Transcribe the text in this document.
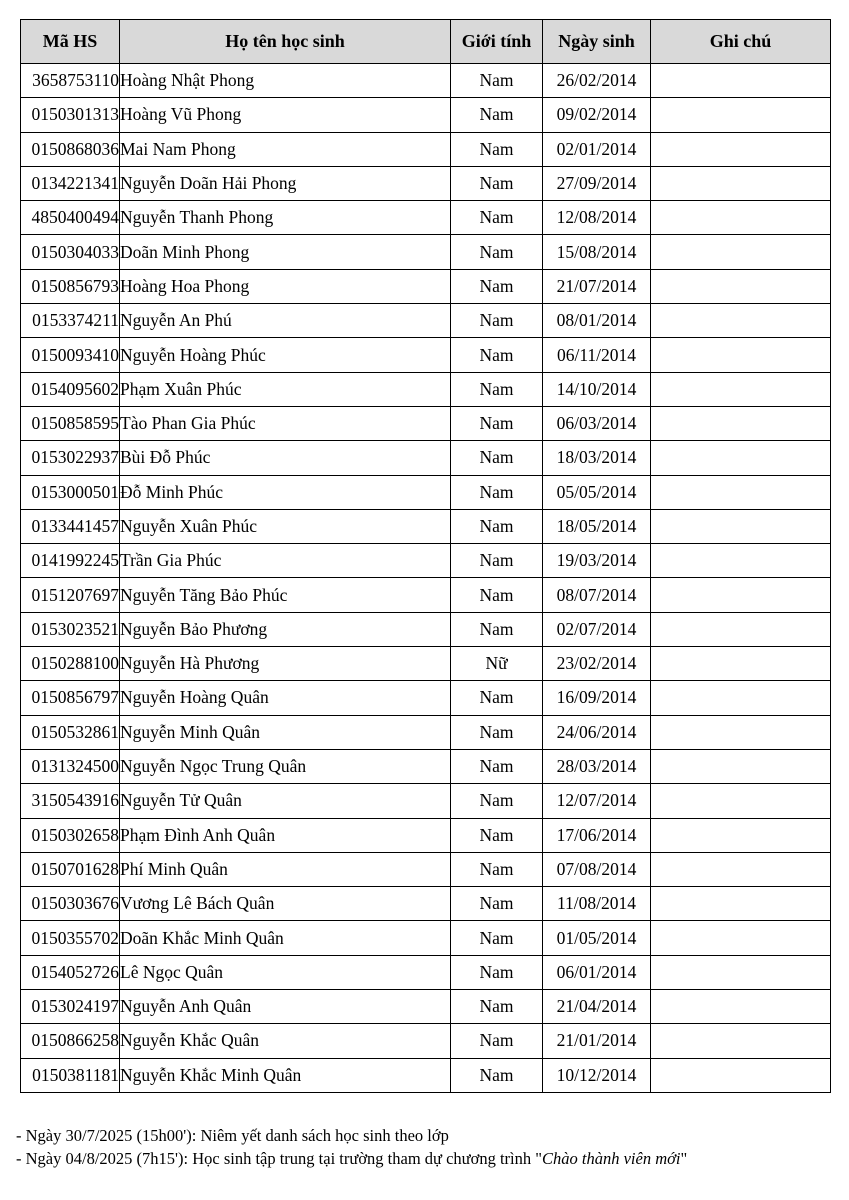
Mã HS	Họ tên học sinh	Giới tính	Ngày sinh	Ghi chú
3658753110	Hoàng Nhật Phong	Nam	26/02/2014	
0150301313	Hoàng Vũ Phong	Nam	09/02/2014	
0150868036	Mai Nam Phong	Nam	02/01/2014	
0134221341	Nguyễn Doãn Hải Phong	Nam	27/09/2014	
4850400494	Nguyễn Thanh Phong	Nam	12/08/2014	
0150304033	Doãn Minh Phong	Nam	15/08/2014	
0150856793	Hoàng Hoa Phong	Nam	21/07/2014	
0153374211	Nguyễn An Phú	Nam	08/01/2014	
0150093410	Nguyễn Hoàng Phúc	Nam	06/11/2014	
0154095602	Phạm Xuân Phúc	Nam	14/10/2014	
0150858595	Tào Phan Gia Phúc	Nam	06/03/2014	
0153022937	Bùi Đỗ Phúc	Nam	18/03/2014	
0153000501	Đỗ Minh Phúc	Nam	05/05/2014	
0133441457	Nguyễn Xuân Phúc	Nam	18/05/2014	
0141992245	Trần Gia Phúc	Nam	19/03/2014	
0151207697	Nguyễn Tăng Bảo Phúc	Nam	08/07/2014	
0153023521	Nguyễn Bảo Phương	Nam	02/07/2014	
0150288100	Nguyễn Hà Phương	Nữ	23/02/2014	
0150856797	Nguyễn Hoàng Quân	Nam	16/09/2014	
0150532861	Nguyễn Minh Quân	Nam	24/06/2014	
0131324500	Nguyễn Ngọc Trung Quân	Nam	28/03/2014	
3150543916	Nguyễn Tử Quân	Nam	12/07/2014	
0150302658	Phạm Đình Anh Quân	Nam	17/06/2014	
0150701628	Phí Minh Quân	Nam	07/08/2014	
0150303676	Vương Lê Bách Quân	Nam	11/08/2014	
0150355702	Doãn Khắc Minh Quân	Nam	01/05/2014	
0154052726	Lê Ngọc Quân	Nam	06/01/2014	
0153024197	Nguyễn Anh Quân	Nam	21/04/2014	
0150866258	Nguyễn Khắc Quân	Nam	21/01/2014	
0150381181	Nguyễn Khắc Minh Quân	Nam	10/12/2014	
- Ngày 30/7/2025 (15h00'): Niêm yết danh sách học sinh theo lớp
- Ngày 04/8/2025 (7h15'): Học sinh tập trung tại trường tham dự chương trình "Chào thành viên mới"
